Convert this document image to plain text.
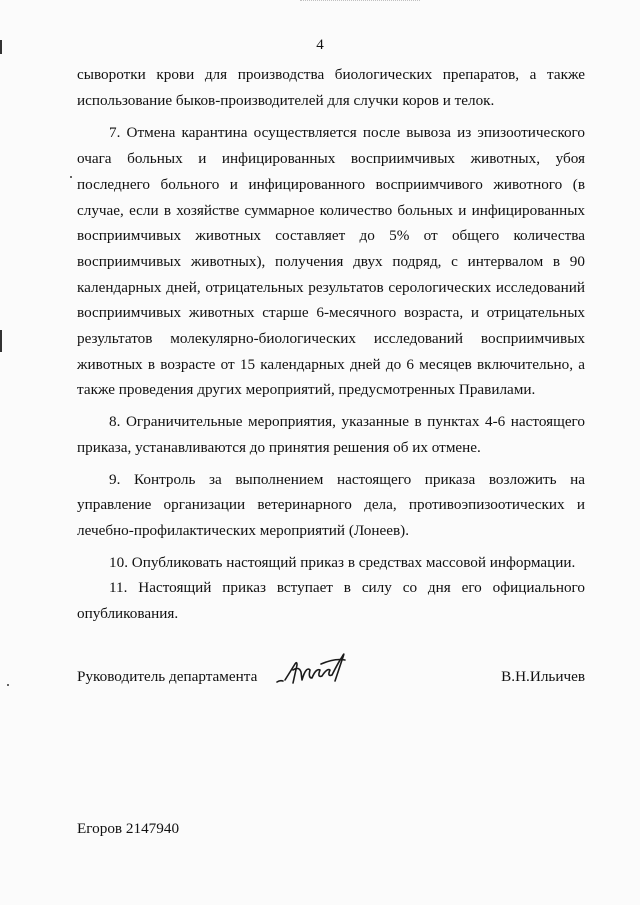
4

сыворотки крови для производства биологических препаратов, а также использование быков-производителей для случки коров и телок.

7. Отмена карантина осуществляется после вывоза из эпизоотического очага больных и инфицированных восприимчивых животных, убоя последнего больного и инфицированного восприимчивого животного (в случае, если в хозяйстве суммарное количество больных и инфицированных восприимчивых животных составляет до 5% от общего количества восприимчивых животных), получения двух подряд, с интервалом в 90 календарных дней, отрицательных результатов серологических исследований восприимчивых животных старше 6-месячного возраста, и отрицательных результатов молекулярно-биологических исследований восприимчивых животных в возрасте от 15 календарных дней до 6 месяцев включительно, а также проведения других мероприятий, предусмотренных Правилами.

8. Ограничительные мероприятия, указанные в пунктах 4-6 настоящего приказа, устанавливаются до принятия решения об их отмене.

9. Контроль за выполнением настоящего приказа возложить на управление организации ветеринарного дела, противоэпизоотических и лечебно-профилактических мероприятий (Лонеев).

10. Опубликовать настоящий приказ в средствах массовой информации.

11. Настоящий приказ вступает в силу со дня его официального опубликования.

Руководитель департамента	В.Н.Ильичев
Егоров 2147940
